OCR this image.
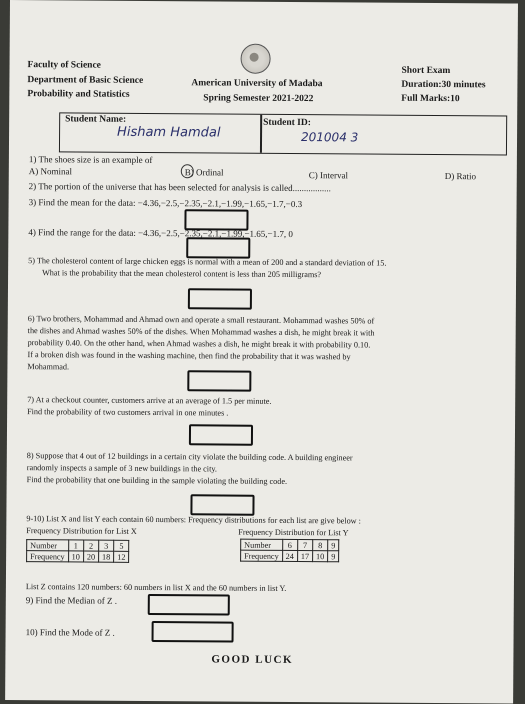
Faculty of Science
Department of Basic Science
Probability and Statistics
American University of Madaba
Spring Semester 2021-2022
Short Exam
Duration:30 minutes
Full Marks:10
Student Name:
Hisham Hamdal
Student ID:
201004 3
1) The shoes size is an example of
A) Nominal	B) Ordinal	C) Interval	D) Ratio
2) The portion of the universe that has been selected for analysis is called.................
3) Find the mean for the data: −4.36,−2.5,−2.35,−2.1,−1.99,−1.65,−1.7,−0.3
4) Find the range for the data: −4.36,−2.5,−2.35,−2.1,−1.99,−1.65,−1.7, 0
5) The cholesterol content of large chicken eggs is normal with a mean of 200 and a standard deviation of 15.
What is the probability that the mean cholesterol content is less than 205 milligrams?
6) Two brothers, Mohammad and Ahmad own and operate a small restaurant. Mohammad washes 50% of
the dishes and Ahmad washes 50% of the dishes. When Mohammad washes a dish, he might break it with
probability 0.40. On the other hand, when Ahmad washes a dish, he might break it with probability 0.10.
If a broken dish was found in the washing machine, then find the probability that it was washed by
Mohammad.
7) At a checkout counter, customers arrive at an average of 1.5 per minute.
Find the probability of two customers arrival in one minutes .
8) Suppose that 4 out of 12 buildings in a certain city violate the building code. A building engineer
randomly inspects a sample of 3 new buildings in the city.
Find the probability that one building in the sample violating the building code.
9-10) List X and list Y each contain 60 numbers: Frequency distributions for each list are give below :
Frequency Distribution for List X	Frequency Distribution for List Y
Number	1	2	3	5
Frequency	10	20	18	12
Number	6	7	8	9
Frequency	24	17	10	9
List Z contains 120 numbers: 60 numbers in list X and the 60 numbers in list Y.
9) Find the Median of Z .
10) Find the Mode of Z .
GOOD LUCK
